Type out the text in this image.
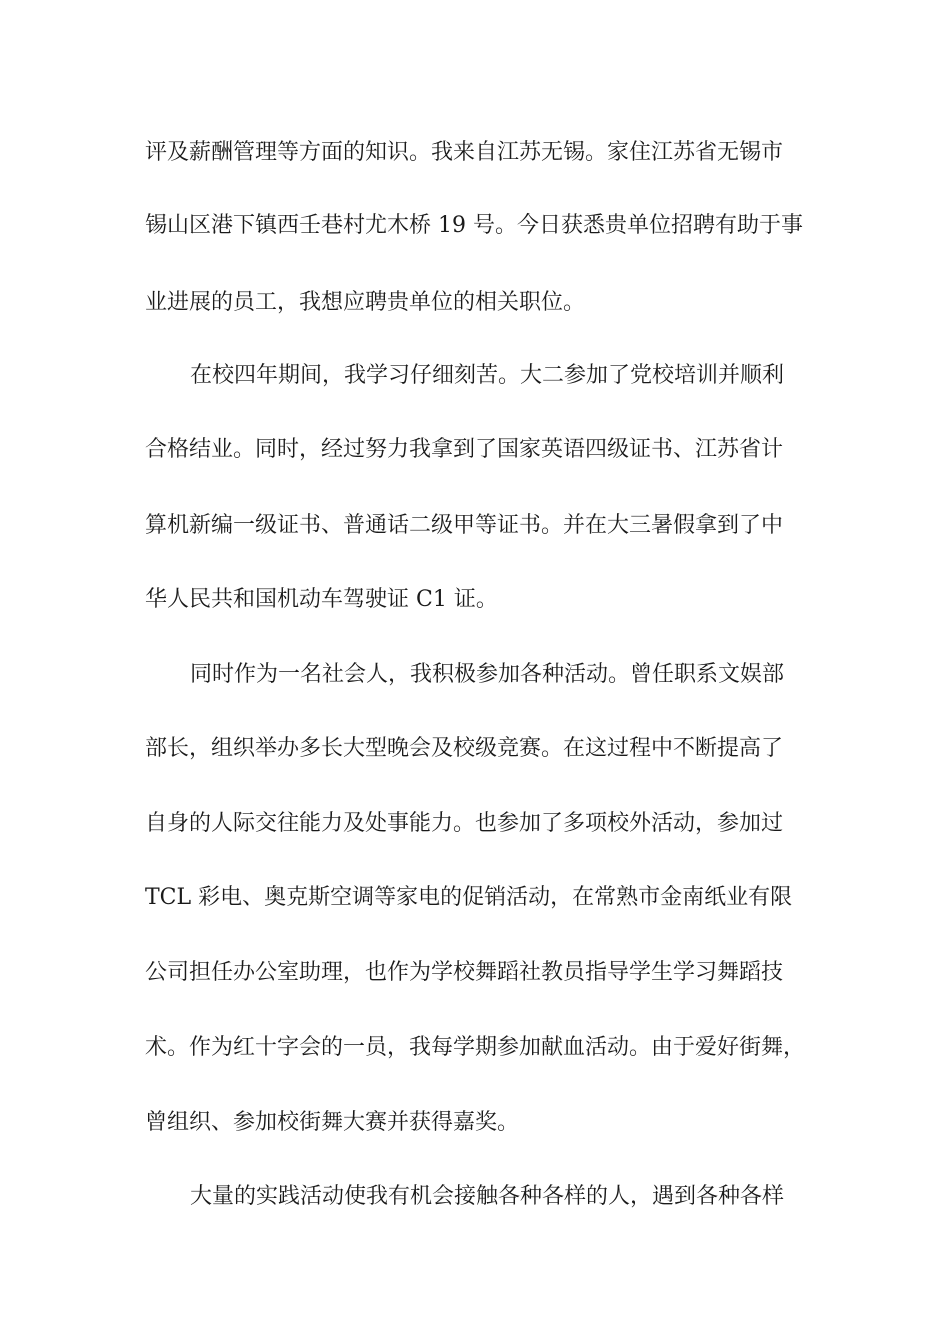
评及薪酬管理等方面的知识。我来自江苏无锡。家住江苏省无锡市
锡山区港下镇西壬巷村尤木桥 19 号。今日获悉贵单位招聘有助于事
业进展的员工，我想应聘贵单位的相关职位。
在校四年期间，我学习仔细刻苦。大二参加了党校培训并顺利
合格结业。同时，经过努力我拿到了国家英语四级证书、江苏省计
算机新编一级证书、普通话二级甲等证书。并在大三暑假拿到了中
华人民共和国机动车驾驶证 C1 证。
同时作为一名社会人，我积极参加各种活动。曾任职系文娱部
部长，组织举办多长大型晚会及校级竞赛。在这过程中不断提高了
自身的人际交往能力及处事能力。也参加了多项校外活动，参加过
TCL 彩电、奥克斯空调等家电的促销活动，在常熟市金南纸业有限
公司担任办公室助理，也作为学校舞蹈社教员指导学生学习舞蹈技
术。作为红十字会的一员，我每学期参加献血活动。由于爱好街舞，
曾组织、参加校街舞大赛并获得嘉奖。
大量的实践活动使我有机会接触各种各样的人，遇到各种各样
